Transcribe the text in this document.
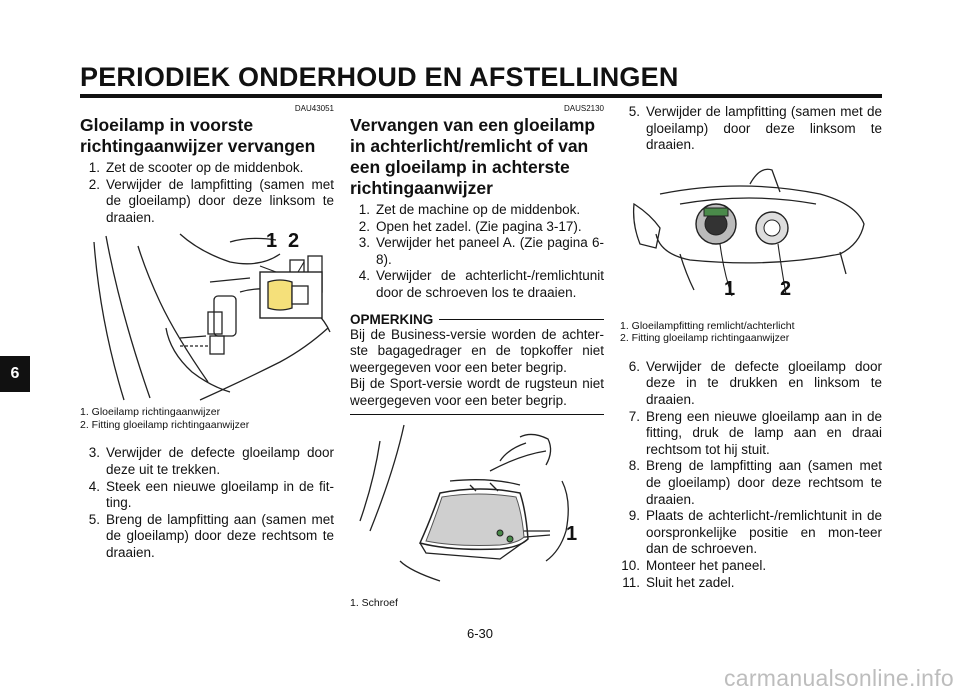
PERIODIEK ONDERHOUD EN AFSTELLINGEN
6
DAU43051
Gloeilamp in voorste richtingaanwijzer vervangen
1. Zet de scooter op de middenbok.
2. Verwijder de lampfitting (samen met de gloeilamp) door deze linksom te draaien.
1 2
1. Gloeilamp richtingaanwijzer
2. Fitting gloeilamp richtingaanwijzer
3. Verwijder de defecte gloeilamp door deze uit te trekken.
4. Steek een nieuwe gloeilamp in de fit-ting.
5. Breng de lampfitting aan (samen met de gloeilamp) door deze rechtsom te draaien.
DAUS2130
Vervangen van een gloeilamp in achterlicht/remlicht of van een gloeilamp in achterste richtingaanwijzer
1. Zet de machine op de middenbok.
2. Open het zadel. (Zie pagina 3-17).
3. Verwijder het paneel A. (Zie pagina 6-8).
4. Verwijder de achterlicht-/remlichtunit door de schroeven los te draaien.
OPMERKING

Bij de Business-versie worden de achter-ste bagagedrager en de topkoffer niet weergegeven voor een beter begrip.

Bij de Sport-versie wordt de rugsteun niet weergegeven voor een beter begrip.

1
1. Schroef
5. Verwijder de lampfitting (samen met de gloeilamp) door deze linksom te draaien.
1 2
1. Gloeilampfitting remlicht/achterlicht
2. Fitting gloeilamp richtingaanwijzer
6. Verwijder de defecte gloeilamp door deze in te drukken en linksom te draaien.
7. Breng een nieuwe gloeilamp aan in de fitting, druk de lamp aan en draai rechtsom tot hij stuit.
8. Breng de lampfitting aan (samen met de gloeilamp) door deze rechtsom te draaien.
9. Plaats de achterlicht-/remlichtunit in de oorspronkelijke positie en mon-teer dan de schroeven.
10. Monteer het paneel.
11. Sluit het zadel.
6-30
carmanualsonline.info
